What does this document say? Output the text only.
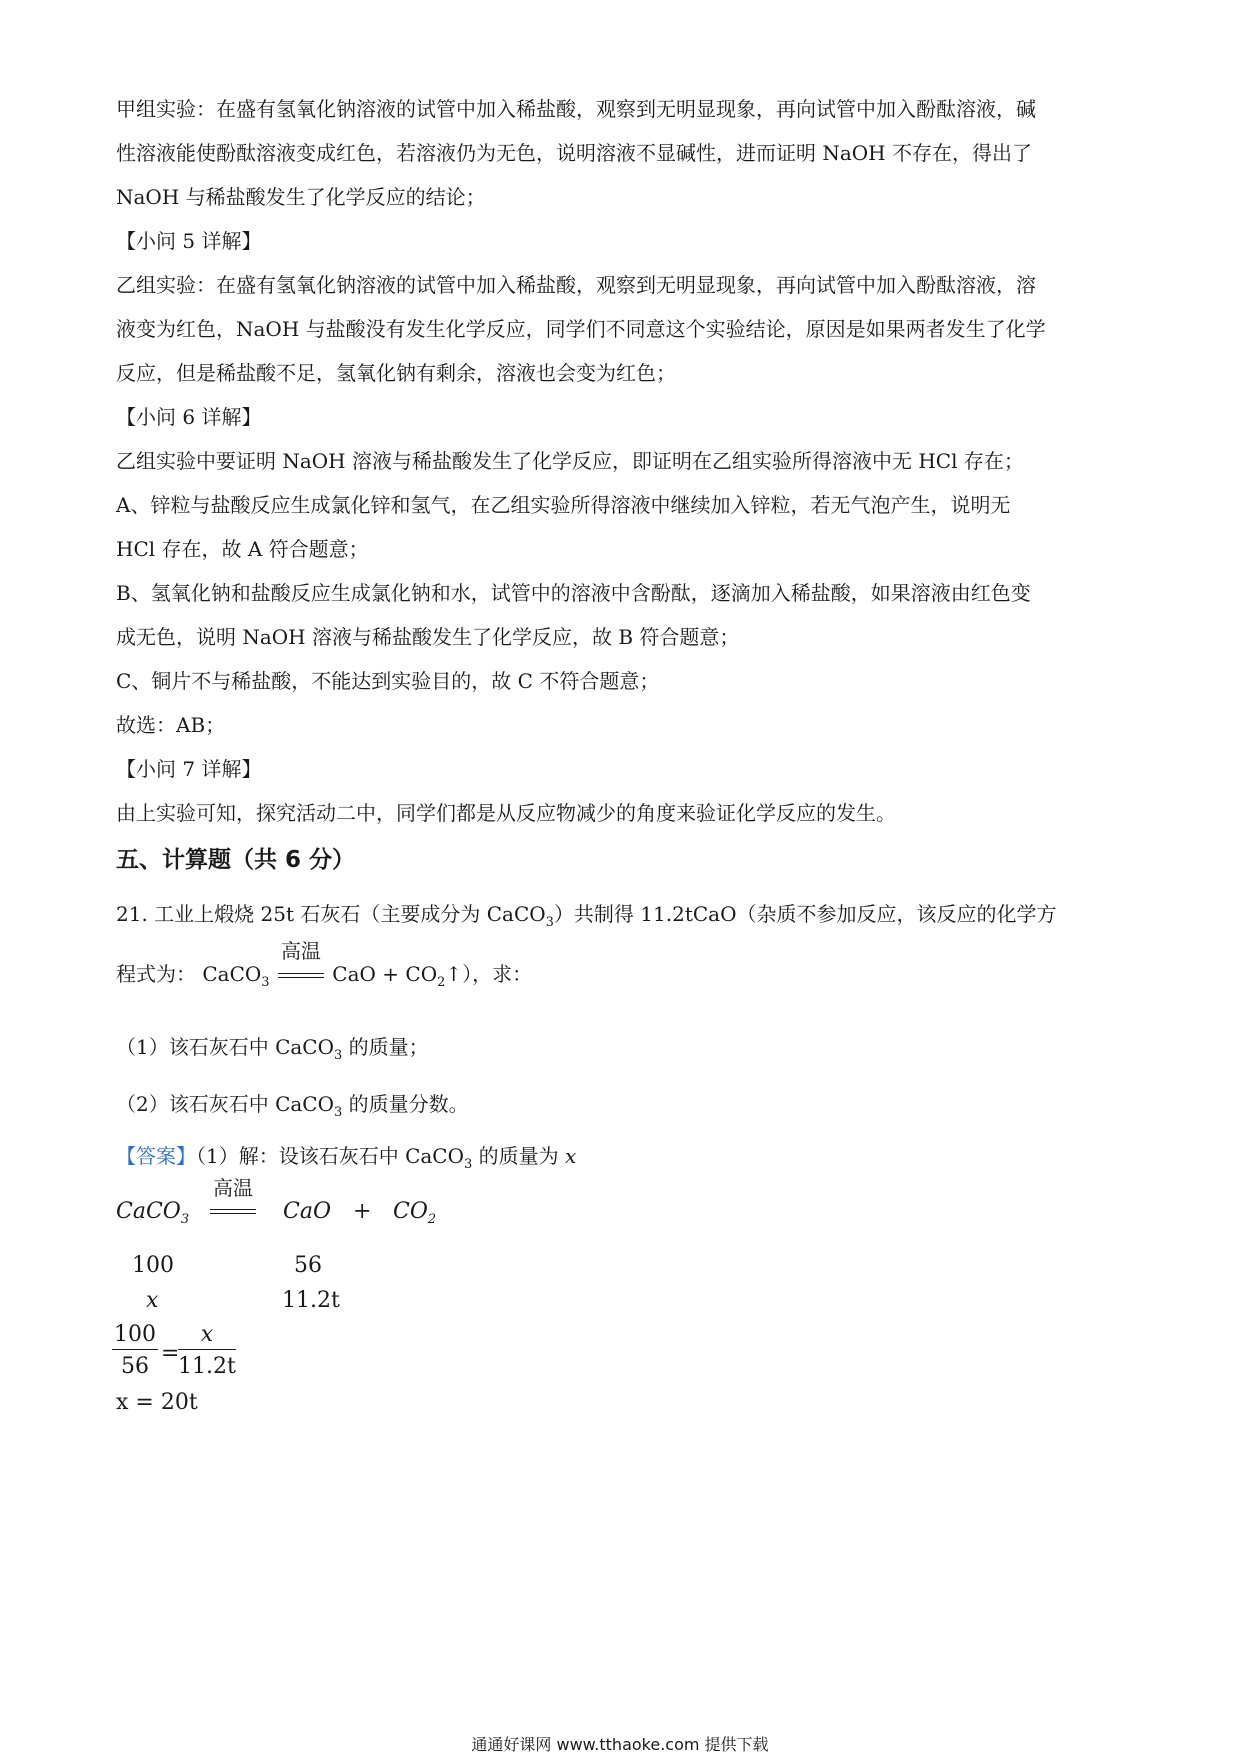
甲组实验：在盛有氢氧化钠溶液的试管中加入稀盐酸，观察到无明显现象，再向试管中加入酚酞溶液，碱
性溶液能使酚酞溶液变成红色，若溶液仍为无色，说明溶液不显碱性，进而证明 NaOH 不存在，得出了
NaOH 与稀盐酸发生了化学反应的结论；
【小问 5 详解】
乙组实验：在盛有氢氧化钠溶液的试管中加入稀盐酸，观察到无明显现象，再向试管中加入酚酞溶液，溶
液变为红色，NaOH 与盐酸没有发生化学反应，同学们不同意这个实验结论，原因是如果两者发生了化学
反应，但是稀盐酸不足，氢氧化钠有剩余，溶液也会变为红色；
【小问 6 详解】
乙组实验中要证明 NaOH 溶液与稀盐酸发生了化学反应，即证明在乙组实验所得溶液中无 HCl 存在；
A、锌粒与盐酸反应生成氯化锌和氢气，在乙组实验所得溶液中继续加入锌粒，若无气泡产生，说明无
HCl 存在，故 A 符合题意；
B、氢氧化钠和盐酸反应生成氯化钠和水，试管中的溶液中含酚酞，逐滴加入稀盐酸，如果溶液由红色变
成无色，说明 NaOH 溶液与稀盐酸发生了化学反应，故 B 符合题意；
C、铜片不与稀盐酸，不能达到实验目的，故 C 不符合题意；
故选：AB；
【小问 7 详解】
由上实验可知，探究活动二中，同学们都是从反应物减少的角度来验证化学反应的发生。
五、计算题（共 6 分）
21. 工业上煅烧 25t 石灰石（主要成分为 CaCO$_3$）共制得 11.2tCaO（杂质不参加反应，该反应的化学方
程式为： CaCO$_3$
高温
CaO + $CO_2↑$），求：
（1）该石灰石中 CaCO$_3$ 的质量；
（2）该石灰石中 CaCO$_3$ 的质量分数。
【答案】（1）解：设该石灰石中 CaCO$_3$ 的质量为 x
CaCO$_3$
高温
CaO + $CO_2$
100	56
x	11.2t
$\frac{100}{56}$ =
$\frac{x}{11.2t}$
x = 20t
通通好课网 www.tthaoke.com 提供下载
